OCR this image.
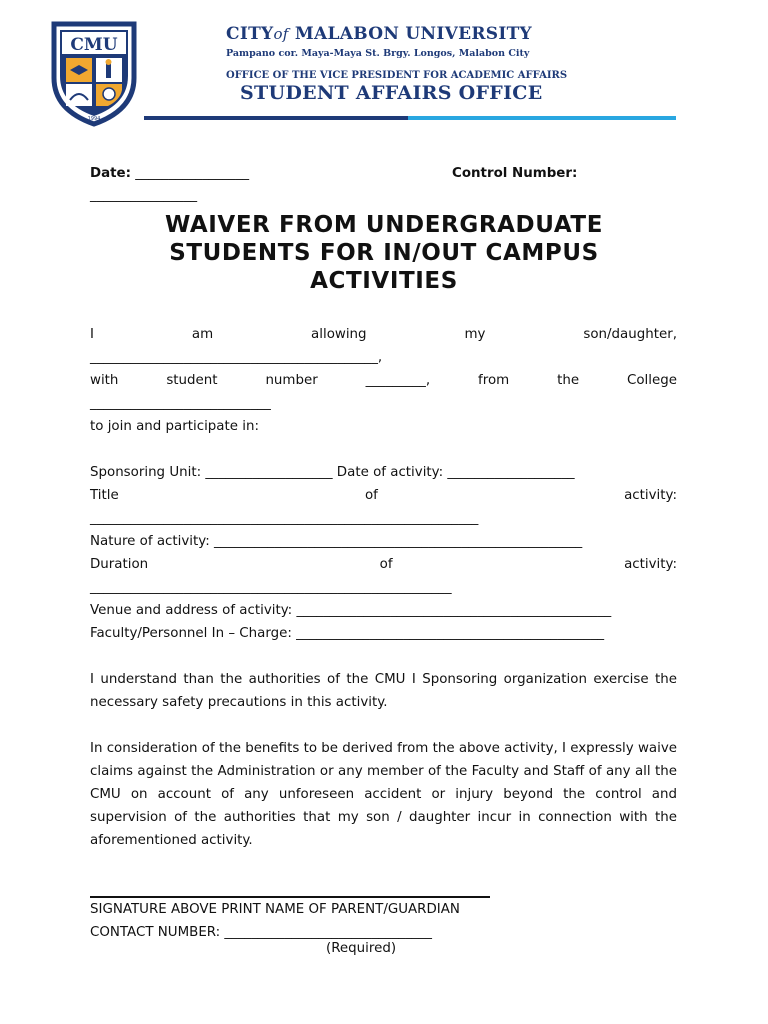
CMU
1994
CITYof MALABON UNIVERSITY
Pampano cor. Maya-Maya St. Brgy. Longos, Malabon City
OFFICE OF THE VICE PRESIDENT FOR ACADEMIC AFFAIRS
STUDENT AFFAIRS OFFICE
Date: _________________	Control Number:
________________
WAIVER FROM UNDERGRADUATE
STUDENTS FOR IN/OUT CAMPUS
ACTIVITIES
I	am	allowing	my	son/daughter,
___________________________________________,
with	student	number	_________,	from	the	College
___________________________
to join and participate in:
Sponsoring Unit: ___________________ Date of activity: ___________________
Title	of	activity:
__________________________________________________________
Nature of activity: _______________________________________________________
Duration	of	activity:
______________________________________________________
Venue and address of activity: _______________________________________________
Faculty/Personnel In – Charge: ______________________________________________
I understand than the authorities of the CMU I Sponsoring organization exercise the necessary safety precautions in this activity.
In consideration of the benefits to be derived from the above activity, I expressly waive claims against the Administration or any member of the Faculty and Staff of any all the CMU on account of any unforeseen accident or injury beyond the control and supervision of the authorities that my son / daughter incur in connection with the aforementioned activity.
SIGNATURE ABOVE PRINT NAME OF PARENT/GUARDIAN
CONTACT NUMBER: _______________________________
(Required)
